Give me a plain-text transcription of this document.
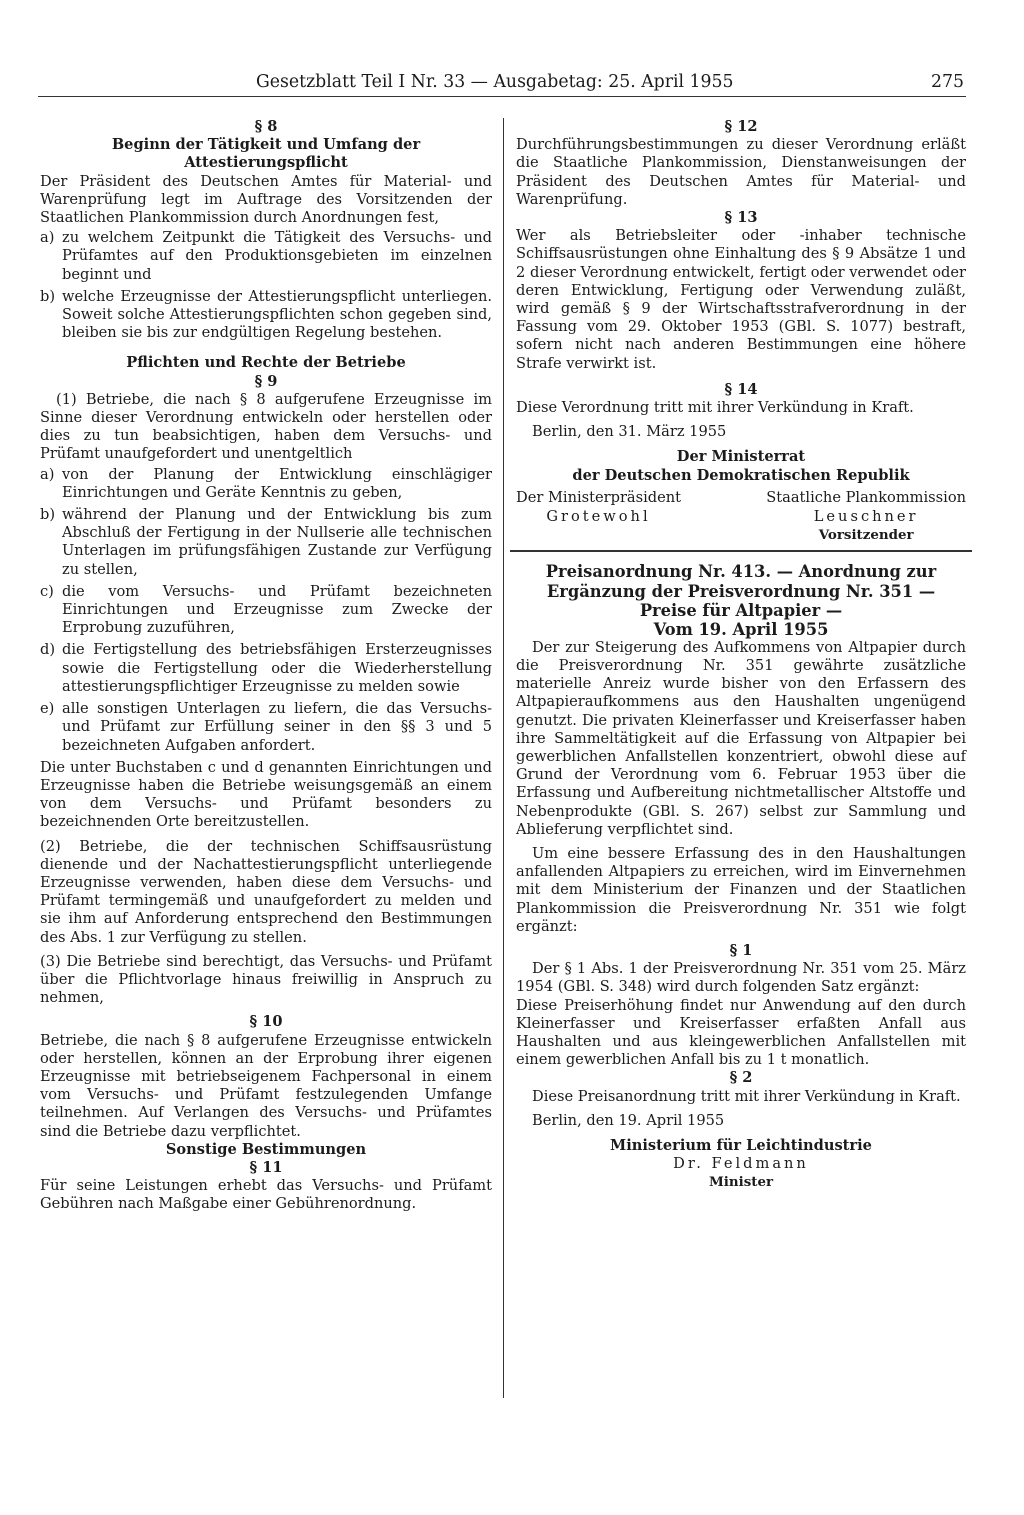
Gesetzblatt Teil I Nr. 33 — Ausgabetag: 25. April 1955	275

§ 8

Beginn der Tätigkeit und Umfang der Attestierungspflicht

Der Präsident des Deutschen Amtes für Material- und Warenprüfung legt im Auftrage des Vorsitzenden der Staatlichen Plankommission durch Anordnungen fest,

a) zu welchem Zeitpunkt die Tätigkeit des Versuchs- und Prüfamtes auf den Produktionsgebieten im einzelnen beginnt und
b) welche Erzeugnisse der Attestierungspflicht unterliegen. Soweit solche Attestierungspflichten schon gegeben sind, bleiben sie bis zur endgültigen Regelung bestehen.

Pflichten und Rechte der Betriebe

§ 9

(1) Betriebe, die nach § 8 aufgerufene Erzeugnisse im Sinne dieser Verordnung entwickeln oder herstellen oder dies zu tun beabsichtigen, haben dem Versuchs- und Prüfamt unaufgefordert und unentgeltlich

a) von der Planung der Entwicklung einschlägiger Einrichtungen und Geräte Kenntnis zu geben,
b) während der Planung und der Entwicklung bis zum Abschluß der Fertigung in der Nullserie alle technischen Unterlagen im prüfungsfähigen Zustande zur Verfügung zu stellen,
c) die vom Versuchs- und Prüfamt bezeichneten Einrichtungen und Erzeugnisse zum Zwecke der Erprobung zuzuführen,
d) die Fertigstellung des betriebsfähigen Ersterzeugnisses sowie die Fertigstellung oder die Wiederherstellung attestierungspflichtiger Erzeugnisse zu melden sowie
e) alle sonstigen Unterlagen zu liefern, die das Versuchs- und Prüfamt zur Erfüllung seiner in den §§ 3 und 5 bezeichneten Aufgaben anfordert.

Die unter Buchstaben c und d genannten Einrichtungen und Erzeugnisse haben die Betriebe weisungsgemäß an einem von dem Versuchs- und Prüfamt besonders zu bezeichnenden Orte bereitzustellen.

(2) Betriebe, die der technischen Schiffsausrüstung dienende und der Nachattestierungspflicht unterliegende Erzeugnisse verwenden, haben diese dem Versuchs- und Prüfamt termingemäß und unaufgefordert zu melden und sie ihm auf Anforderung entsprechend den Bestimmungen des Abs. 1 zur Verfügung zu stellen.

(3) Die Betriebe sind berechtigt, das Versuchs- und Prüfamt über die Pflichtvorlage hinaus freiwillig in Anspruch zu nehmen,

§ 10

Betriebe, die nach § 8 aufgerufene Erzeugnisse entwickeln oder herstellen, können an der Erprobung ihrer eigenen Erzeugnisse mit betriebseigenem Fachpersonal in einem vom Versuchs- und Prüfamt festzulegenden Umfange teilnehmen. Auf Verlangen des Versuchs- und Prüfamtes sind die Betriebe dazu verpflichtet.

Sonstige Bestimmungen

§ 11

Für seine Leistungen erhebt das Versuchs- und Prüfamt Gebühren nach Maßgabe einer Gebührenordnung.

§ 12

Durchführungsbestimmungen zu dieser Verordnung erläßt die Staatliche Plankommission, Dienstanweisungen der Präsident des Deutschen Amtes für Material- und Warenprüfung.

§ 13

Wer als Betriebsleiter oder -inhaber technische Schiffsausrüstungen ohne Einhaltung des § 9 Absätze 1 und 2 dieser Verordnung entwickelt, fertigt oder verwendet oder deren Entwicklung, Fertigung oder Verwendung zuläßt, wird gemäß § 9 der Wirtschaftsstrafverordnung in der Fassung vom 29. Oktober 1953 (GBl. S. 1077) bestraft, sofern nicht nach anderen Bestimmungen eine höhere Strafe verwirkt ist.

§ 14

Diese Verordnung tritt mit ihrer Verkündung in Kraft.

Berlin, den 31. März 1955

Der Ministerrat

der Deutschen Demokratischen Republik

Der Ministerpräsident
Grotewohl
Staatliche Plankommission
Leuschner
Vorsitzender

Preisanordnung Nr. 413. — Anordnung zur Ergänzung der Preisverordnung Nr. 351 — Preise für Altpapier —

Vom 19. April 1955

Der zur Steigerung des Aufkommens von Altpapier durch die Preisverordnung Nr. 351 gewährte zusätzliche materielle Anreiz wurde bisher von den Erfassern des Altpapieraufkommens aus den Haushalten ungenügend genutzt. Die privaten Kleinerfasser und Kreiserfasser haben ihre Sammeltätigkeit auf die Erfassung von Altpapier bei gewerblichen Anfallstellen konzentriert, obwohl diese auf Grund der Verordnung vom 6. Februar 1953 über die Erfassung und Aufbereitung nichtmetallischer Altstoffe und Nebenprodukte (GBl. S. 267) selbst zur Sammlung und Ablieferung verpflichtet sind.

Um eine bessere Erfassung des in den Haushaltungen anfallenden Altpapiers zu erreichen, wird im Einvernehmen mit dem Ministerium der Finanzen und der Staatlichen Plankommission die Preisverordnung Nr. 351 wie folgt ergänzt:

§ 1

Der § 1 Abs. 1 der Preisverordnung Nr. 351 vom 25. März 1954 (GBl. S. 348) wird durch folgenden Satz ergänzt:

Diese Preiserhöhung findet nur Anwendung auf den durch Kleinerfasser und Kreiserfasser erfaßten Anfall aus Haushalten und aus kleingewerblichen Anfallstellen mit einem gewerblichen Anfall bis zu 1 t monatlich.

§ 2

Diese Preisanordnung tritt mit ihrer Verkündung in Kraft.

Berlin, den 19. April 1955

Ministerium für Leichtindustrie

Dr. Feldmann

Minister
